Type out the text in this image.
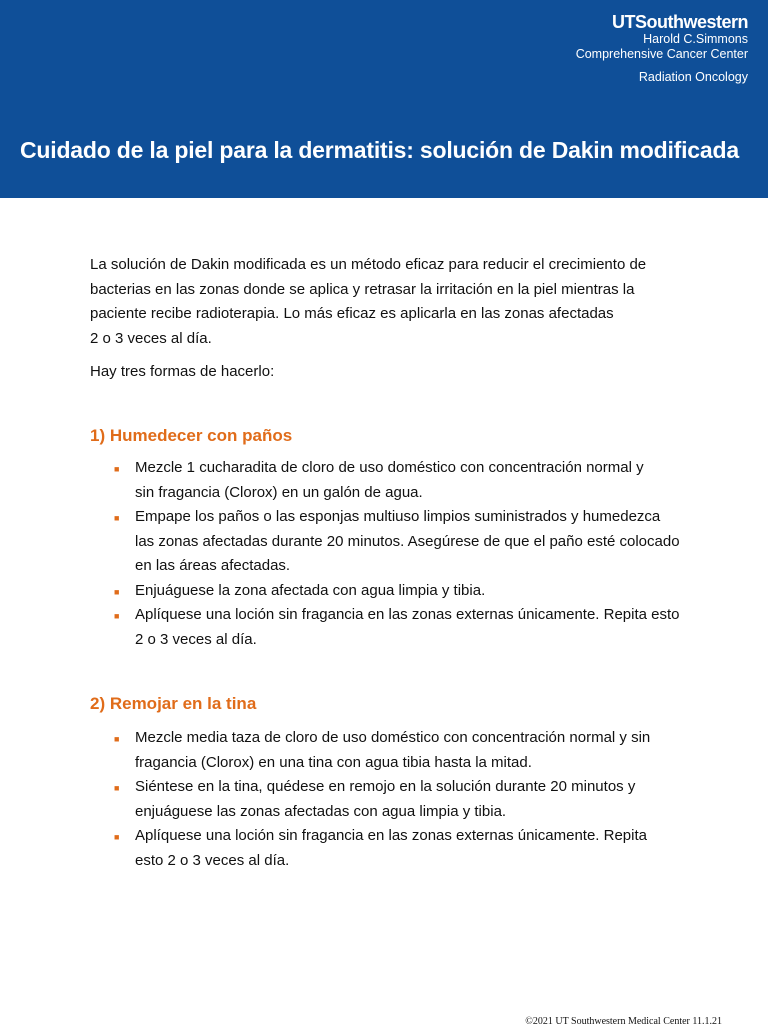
UTSouthwestern
Harold C.Simmons
Comprehensive Cancer Center
Radiation Oncology
Cuidado de la piel para la dermatitis: solución de Dakin modificada
La solución de Dakin modificada es un método eficaz para reducir el crecimiento de
bacterias en las zonas donde se aplica y retrasar la irritación en la piel mientras la
paciente recibe radioterapia. Lo más eficaz es aplicarla en las zonas afectadas
2 o 3 veces al día.
Hay tres formas de hacerlo:
1) Humedecer con paños
■ Mezcle 1 cucharadita de cloro de uso doméstico con concentración normal y
sin fragancia (Clorox) en un galón de agua.
■ Empape los paños o las esponjas multiuso limpios suministrados y humedezca
las zonas afectadas durante 20 minutos. Asegúrese de que el paño esté colocado
en las áreas afectadas.
■ Enjuáguese la zona afectada con agua limpia y tibia.
■ Aplíquese una loción sin fragancia en las zonas externas únicamente. Repita esto
2 o 3 veces al día.
2) Remojar en la tina
■ Mezcle media taza de cloro de uso doméstico con concentración normal y sin
fragancia (Clorox) en una tina con agua tibia hasta la mitad.
■ Siéntese en la tina, quédese en remojo en la solución durante 20 minutos y
enjuáguese las zonas afectadas con agua limpia y tibia.
■ Aplíquese una loción sin fragancia en las zonas externas únicamente. Repita
esto 2 o 3 veces al día.
©2021 UT Southwestern Medical Center 11.1.21
